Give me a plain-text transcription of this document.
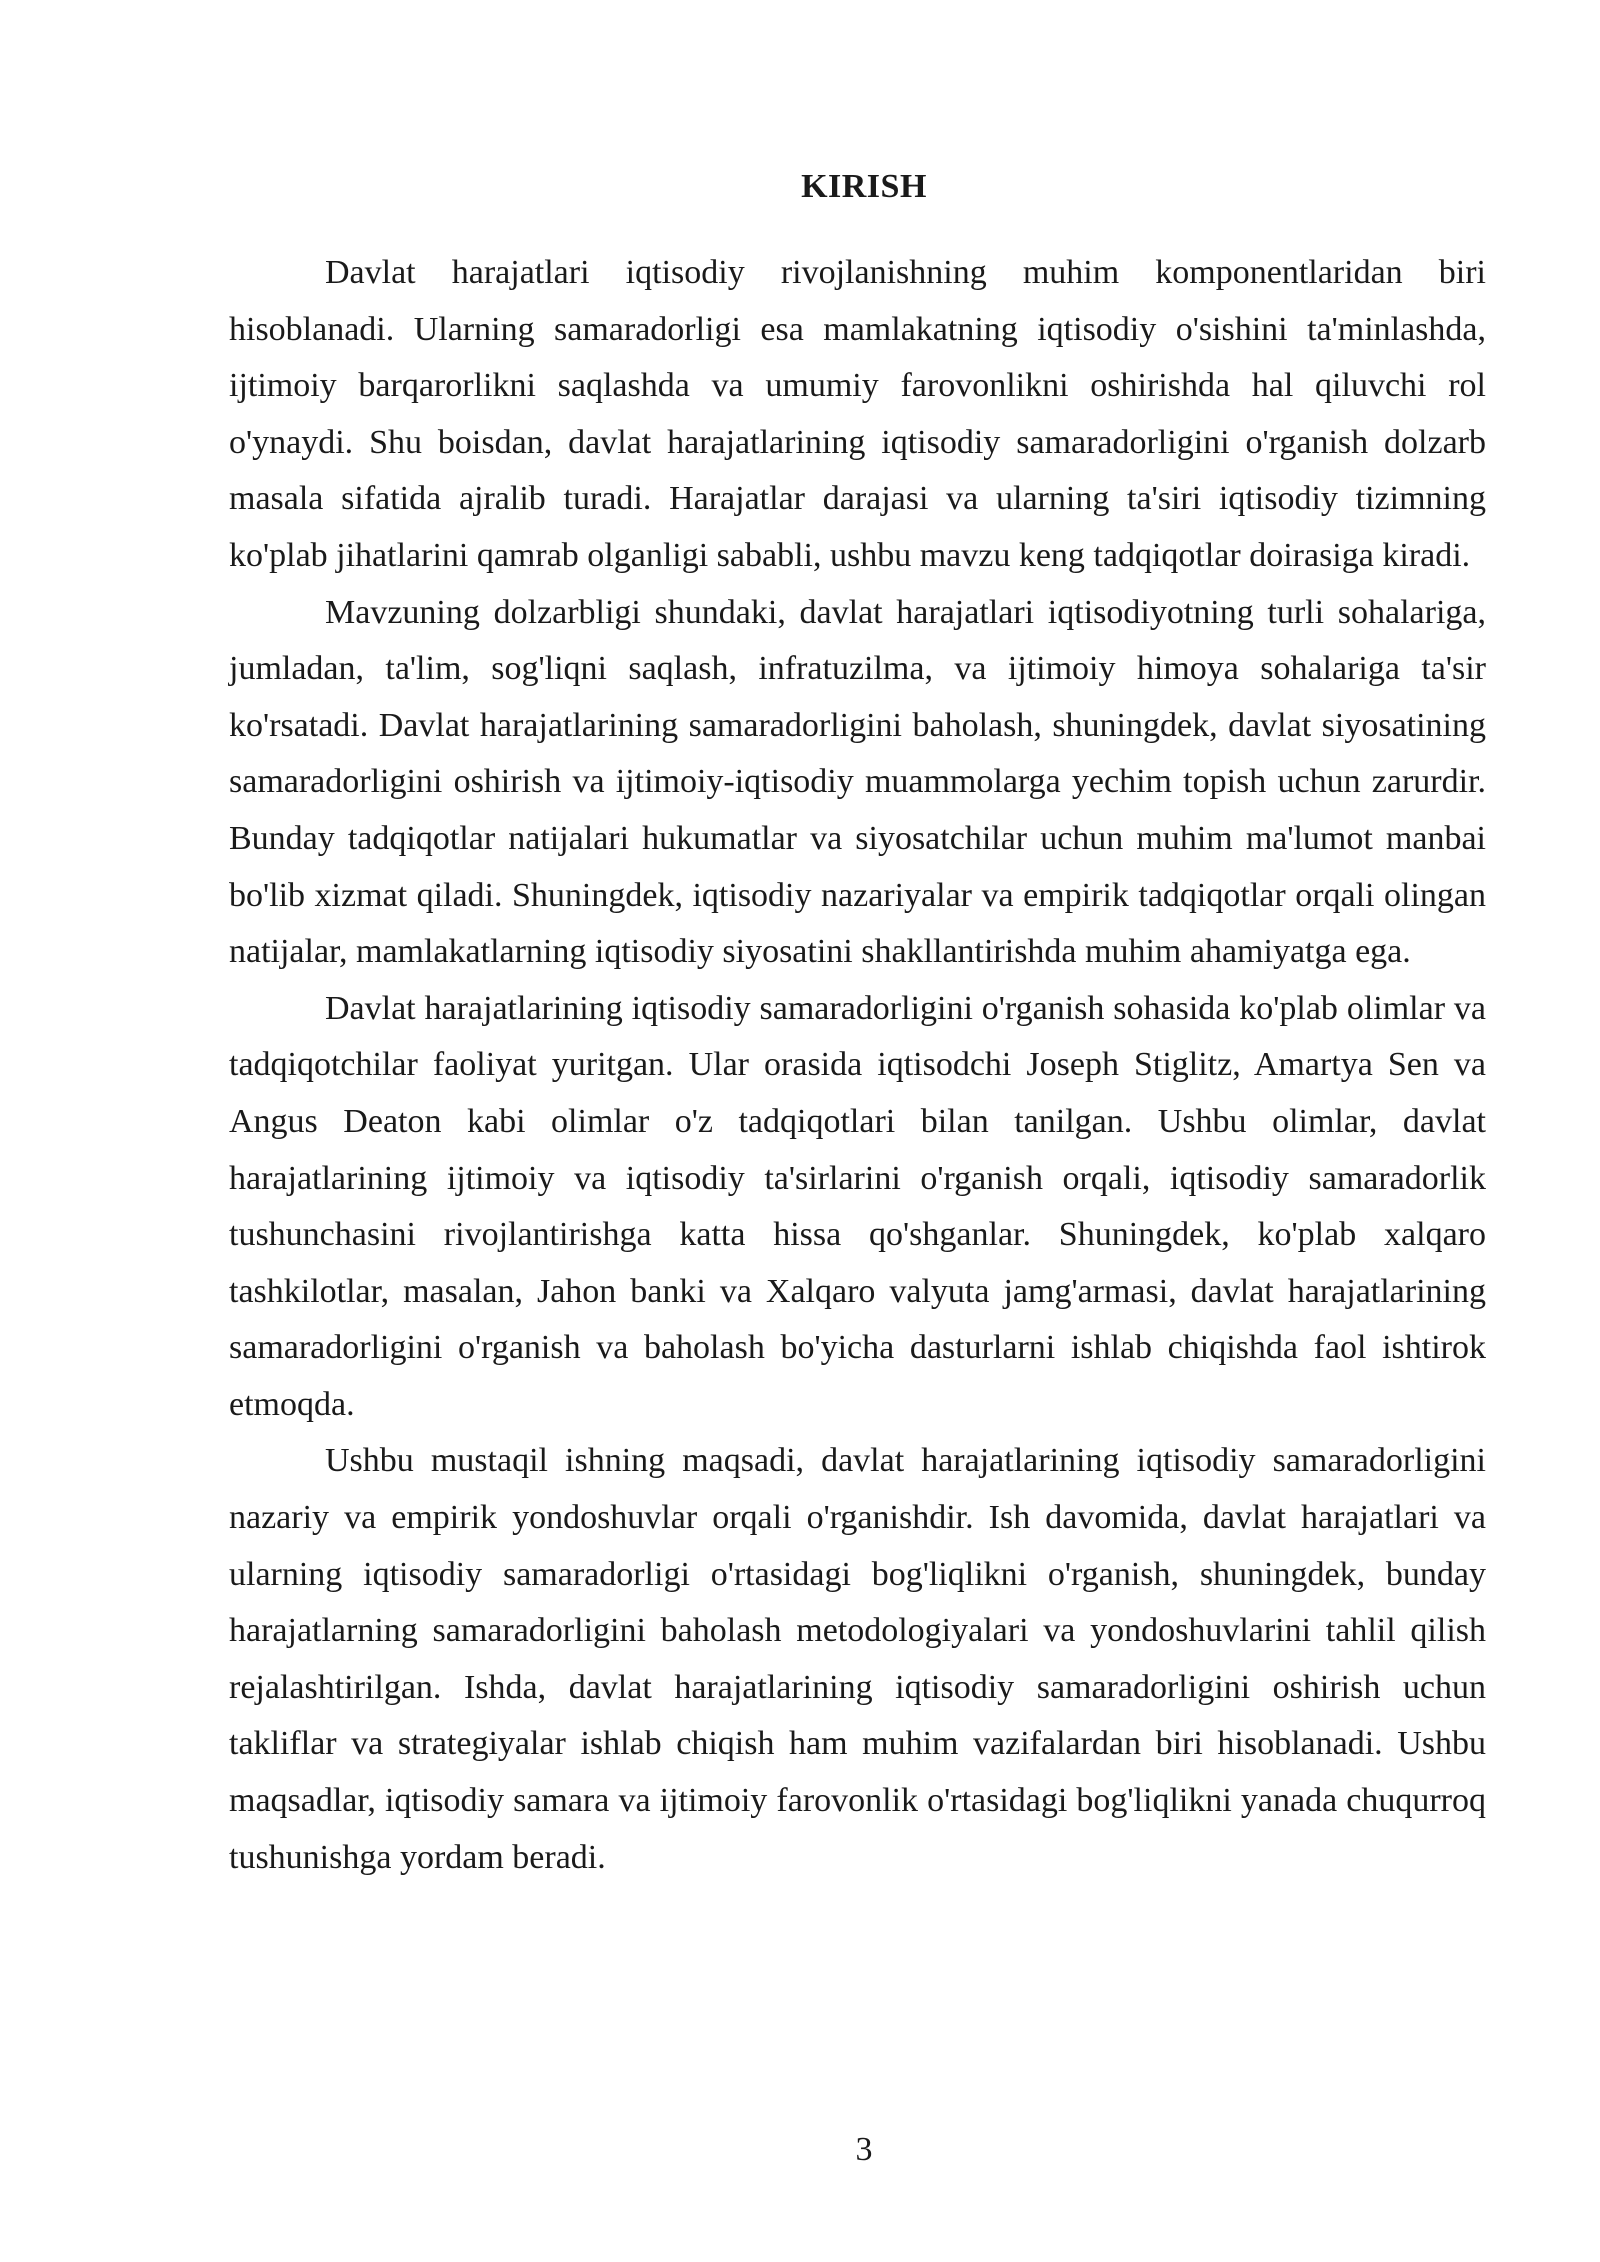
KIRISH

Davlat harajatlari iqtisodiy rivojlanishning muhim komponentlaridan biri hisoblanadi. Ularning samaradorligi esa mamlakatning iqtisodiy o'sishini ta'minlashda, ijtimoiy barqarorlikni saqlashda va umumiy farovonlikni oshirishda hal qiluvchi rol o'ynaydi. Shu boisdan, davlat harajatlarining iqtisodiy samaradorligini o'rganish dolzarb masala sifatida ajralib turadi. Harajatlar darajasi va ularning ta'siri iqtisodiy tizimning ko'plab jihatlarini qamrab olganligi sababli, ushbu mavzu keng tadqiqotlar doirasiga kiradi.

Mavzuning dolzarbligi shundaki, davlat harajatlari iqtisodiyotning turli sohalariga, jumladan, ta'lim, sog'liqni saqlash, infratuzilma, va ijtimoiy himoya sohalariga ta'sir ko'rsatadi. Davlat harajatlarining samaradorligini baholash, shuningdek, davlat siyosatining samaradorligini oshirish va ijtimoiy-iqtisodiy muammolarga yechim topish uchun zarurdir. Bunday tadqiqotlar natijalari hukumatlar va siyosatchilar uchun muhim ma'lumot manbai bo'lib xizmat qiladi. Shuningdek, iqtisodiy nazariyalar va empirik tadqiqotlar orqali olingan natijalar, mamlakatlarning iqtisodiy siyosatini shakllantirishda muhim ahamiyatga ega.

Davlat harajatlarining iqtisodiy samaradorligini o'rganish sohasida ko'plab olimlar va tadqiqotchilar faoliyat yuritgan. Ular orasida iqtisodchi Joseph Stiglitz, Amartya Sen va Angus Deaton kabi olimlar o'z tadqiqotlari bilan tanilgan. Ushbu olimlar, davlat harajatlarining ijtimoiy va iqtisodiy ta'sirlarini o'rganish orqali, iqtisodiy samaradorlik tushunchasini rivojlantirishga katta hissa qo'shganlar. Shuningdek, ko'plab xalqaro tashkilotlar, masalan, Jahon banki va Xalqaro valyuta jamg'armasi, davlat harajatlarining samaradorligini o'rganish va baholash bo'yicha dasturlarni ishlab chiqishda faol ishtirok etmoqda.

Ushbu mustaqil ishning maqsadi, davlat harajatlarining iqtisodiy samaradorligini nazariy va empirik yondoshuvlar orqali o'rganishdir. Ish davomida, davlat harajatlari va ularning iqtisodiy samaradorligi o'rtasidagi bog'liqlikni o'rganish, shuningdek, bunday harajatlarning samaradorligini baholash metodologiyalari va yondoshuvlarini tahlil qilish rejalashtirilgan. Ishda, davlat harajatlarining iqtisodiy samaradorligini oshirish uchun takliflar va strategiyalar ishlab chiqish ham muhim vazifalardan biri hisoblanadi. Ushbu maqsadlar, iqtisodiy samara va ijtimoiy farovonlik o'rtasidagi bog'liqlikni yanada chuqurroq tushunishga yordam beradi.

3
